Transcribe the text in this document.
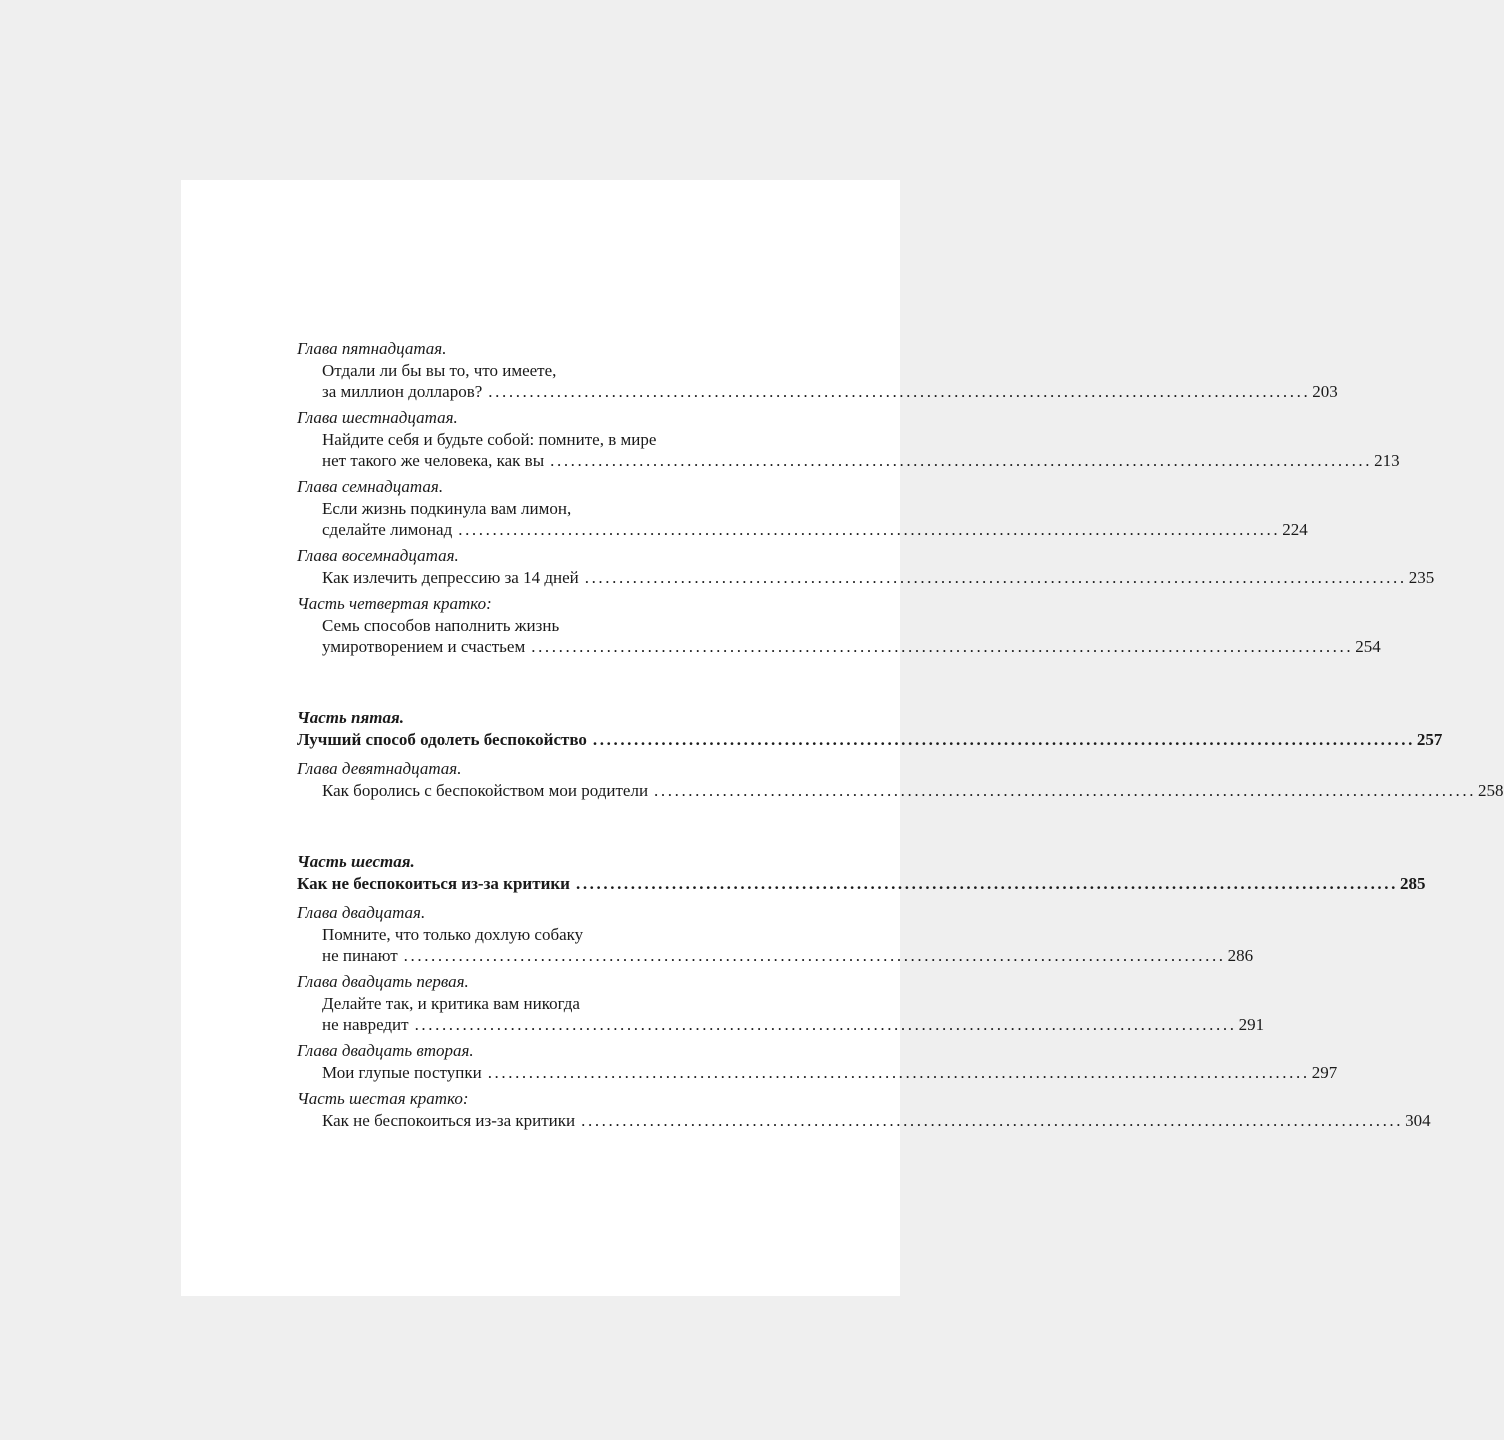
Глава пятнадцатая.
Отдали ли бы вы то, что имеете,
за миллион долларов? ........................................................................................................................ 203
Глава шестнадцатая.
Найдите себя и будьте собой: помните, в мире
нет такого же человека, как вы ........................................................................................................................ 213
Глава семнадцатая.
Если жизнь подкинула вам лимон,
сделайте лимонад ........................................................................................................................ 224
Глава восемнадцатая.
Как излечить депрессию за 14 дней ........................................................................................................................ 235
Часть четвертая кратко:
Семь способов наполнить жизнь
умиротворением и счастьем ........................................................................................................................ 254
Часть пятая.
Лучший способ одолеть беспокойство ........................................................................................................................ 257
Глава девятнадцатая.
Как боролись с беспокойством мои родители ........................................................................................................................ 258
Часть шестая.
Как не беспокоиться из-за критики ........................................................................................................................ 285
Глава двадцатая.
Помните, что только дохлую собаку
не пинают ........................................................................................................................ 286
Глава двадцать первая.
Делайте так, и критика вам никогда
не навредит ........................................................................................................................ 291
Глава двадцать вторая.
Мои глупые поступки ........................................................................................................................ 297
Часть шестая кратко:
Как не беспокоиться из-за критики ........................................................................................................................ 304
